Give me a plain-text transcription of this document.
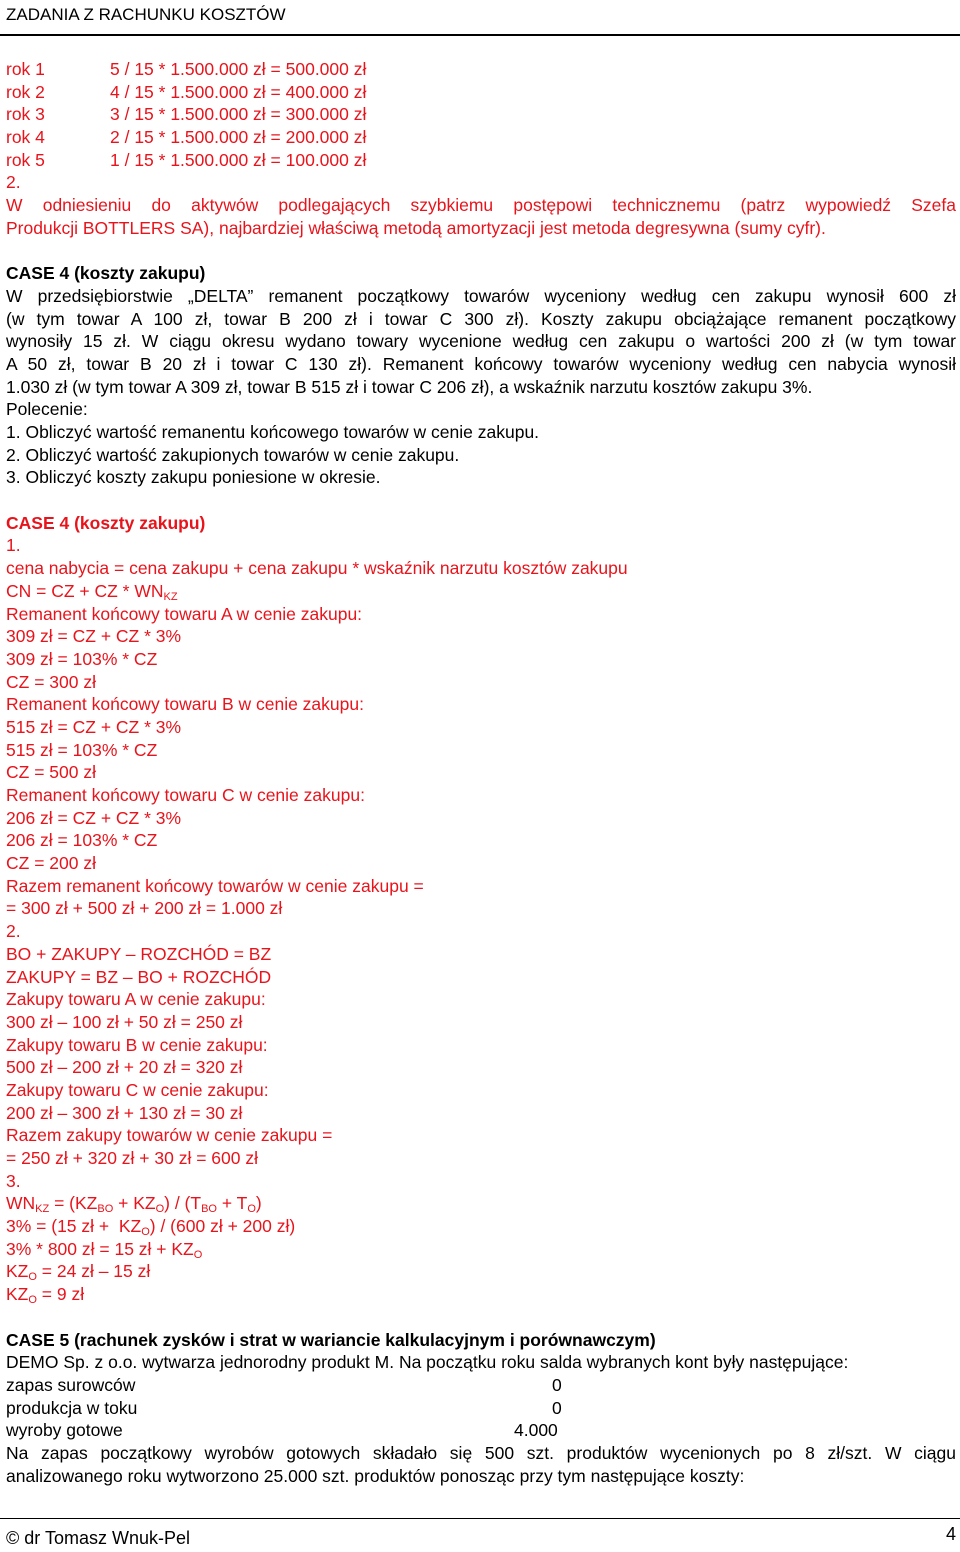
ZADANIA Z RACHUNKU KOSZTÓW
rok 1	5 / 15 * 1.500.000 zł = 500.000 zł
rok 2	4 / 15 * 1.500.000 zł = 400.000 zł
rok 3	3 / 15 * 1.500.000 zł = 300.000 zł
rok 4	2 / 15 * 1.500.000 zł = 200.000 zł
rok 5	1 / 15 * 1.500.000 zł = 100.000 zł
2.
W odniesieniu do aktywów podlegających szybkiemu postępowi technicznemu (patrz wypowiedź Szefa
Produkcji BOTTLERS SA), najbardziej właściwą metodą amortyzacji jest metoda degresywna (sumy cyfr).
CASE 4 (koszty zakupu)
W przedsiębiorstwie „DELTA” remanent początkowy towarów wyceniony według cen zakupu wynosił 600 zł
(w tym towar A 100 zł, towar B 200 zł i towar C 300 zł). Koszty zakupu obciążające remanent początkowy
wynosiły 15 zł. W ciągu okresu wydano towary wycenione według cen zakupu o wartości 200 zł (w tym towar
A 50 zł, towar B 20 zł i towar C 130 zł). Remanent końcowy towarów wyceniony według cen nabycia wynosił
1.030 zł (w tym towar A 309 zł, towar B 515 zł i towar C 206 zł), a wskaźnik narzutu kosztów zakupu 3%.
Polecenie:
1. Obliczyć wartość remanentu końcowego towarów w cenie zakupu.
2. Obliczyć wartość zakupionych towarów w cenie zakupu.
3. Obliczyć koszty zakupu poniesione w okresie.
CASE 4 (koszty zakupu)
1.
cena nabycia = cena zakupu + cena zakupu * wskaźnik narzutu kosztów zakupu
CN = CZ + CZ * $WN_{KZ}$
Remanent końcowy towaru A w cenie zakupu:
309 zł = CZ + CZ * 3%
309 zł = 103% * CZ
CZ = 300 zł
Remanent końcowy towaru B w cenie zakupu:
515 zł = CZ + CZ * 3%
515 zł = 103% * CZ
CZ = 500 zł
Remanent końcowy towaru C w cenie zakupu:
206 zł = CZ + CZ * 3%
206 zł = 103% * CZ
CZ = 200 zł
Razem remanent końcowy towarów w cenie zakupu =
= 300 zł + 500 zł + 200 zł = 1.000 zł
2.
BO + ZAKUPY – ROZCHÓD = BZ
ZAKUPY = BZ – BO + ROZCHÓD
Zakupy towaru A w cenie zakupu:
300 zł – 100 zł + 50 zł = 250 zł
Zakupy towaru B w cenie zakupu:
500 zł – 200 zł + 20 zł = 320 zł
Zakupy towaru C w cenie zakupu:
200 zł – 300 zł + 130 zł = 30 zł
Razem zakupy towarów w cenie zakupu =
= 250 zł + 320 zł + 30 zł = 600 zł
3.
$WN_{KZ} = (KZ_{BO} + KZ_O) / (T_{BO} + T_O)$
3% = (15 zł +  $KZ_O) / (600$ zł + 200 zł)
3% * 800 zł = 15 zł + $KZ_O$
$KZ_O = 24$ zł – 15 zł
$KZ_O = 9$ zł
CASE 5 (rachunek zysków i strat w wariancie kalkulacyjnym i porównawczym)
DEMO Sp. z o.o. wytwarza jednorodny produkt M. Na początku roku salda wybranych kont były następujące:
zapas surowców	0
produkcja w toku	0
wyroby gotowe	4.000
Na zapas początkowy wyrobów gotowych składało się 500 szt. produktów wycenionych po 8 zł/szt. W ciągu
analizowanego roku wytworzono 25.000 szt. produktów ponosząc przy tym następujące koszty:
© dr Tomasz Wnuk-Pel	4
